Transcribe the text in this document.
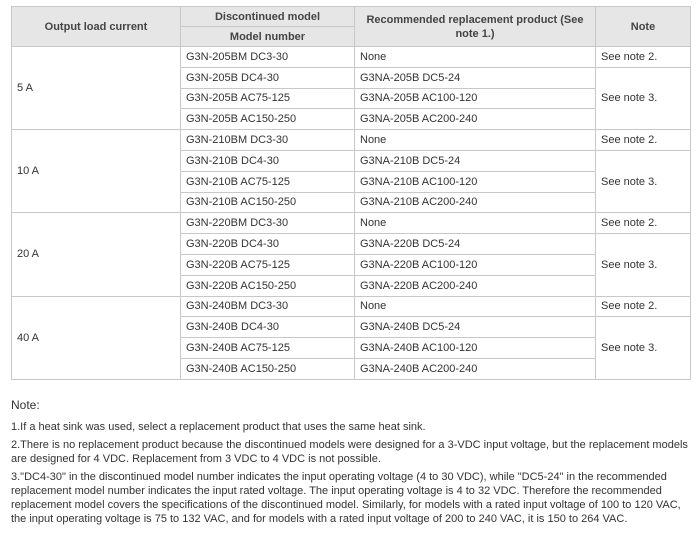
Output load current	Discontinued model	Recommended replacement product (See note 1.)	Note
	Model number		
5 A	G3N-205BM DC3-30	None	See note 2.
	G3N-205B DC4-30	G3NA-205B DC5-24	See note 3.
	G3N-205B AC75-125	G3NA-205B AC100-120	
	G3N-205B AC150-250	G3NA-205B AC200-240	
10 A	G3N-210BM DC3-30	None	See note 2.
	G3N-210B DC4-30	G3NA-210B DC5-24	See note 3.
	G3N-210B AC75-125	G3NA-210B AC100-120	
	G3N-210B AC150-250	G3NA-210B AC200-240	
20 A	G3N-220BM DC3-30	None	See note 2.
	G3N-220B DC4-30	G3NA-220B DC5-24	See note 3.
	G3N-220B AC75-125	G3NA-220B AC100-120	
	G3N-220B AC150-250	G3NA-220B AC200-240	
40 A	G3N-240BM DC3-30	None	See note 2.
	G3N-240B DC4-30	G3NA-240B DC5-24	See note 3.
	G3N-240B AC75-125	G3NA-240B AC100-120	
	G3N-240B AC150-250	G3NA-240B AC200-240	
Note:

1.If a heat sink was used, select a replacement product that uses the same heat sink.

2.There is no replacement product because the discontinued models were designed for a 3-VDC input voltage, but the replacement models are designed for 4 VDC. Replacement from 3 VDC to 4 VDC is not possible.

3."DC4-30" in the discontinued model number indicates the input operating voltage (4 to 30 VDC), while "DC5-24" in the recommended replacement model number indicates the input rated voltage. The input operating voltage is 4 to 32 VDC. Therefore the recommended replacement model covers the specifications of the discontinued model. Similarly, for models with a rated input voltage of 100 to 120 VAC, the input operating voltage is 75 to 132 VAC, and for models with a rated input voltage of 200 to 240 VAC, it is 150 to 264 VAC.
